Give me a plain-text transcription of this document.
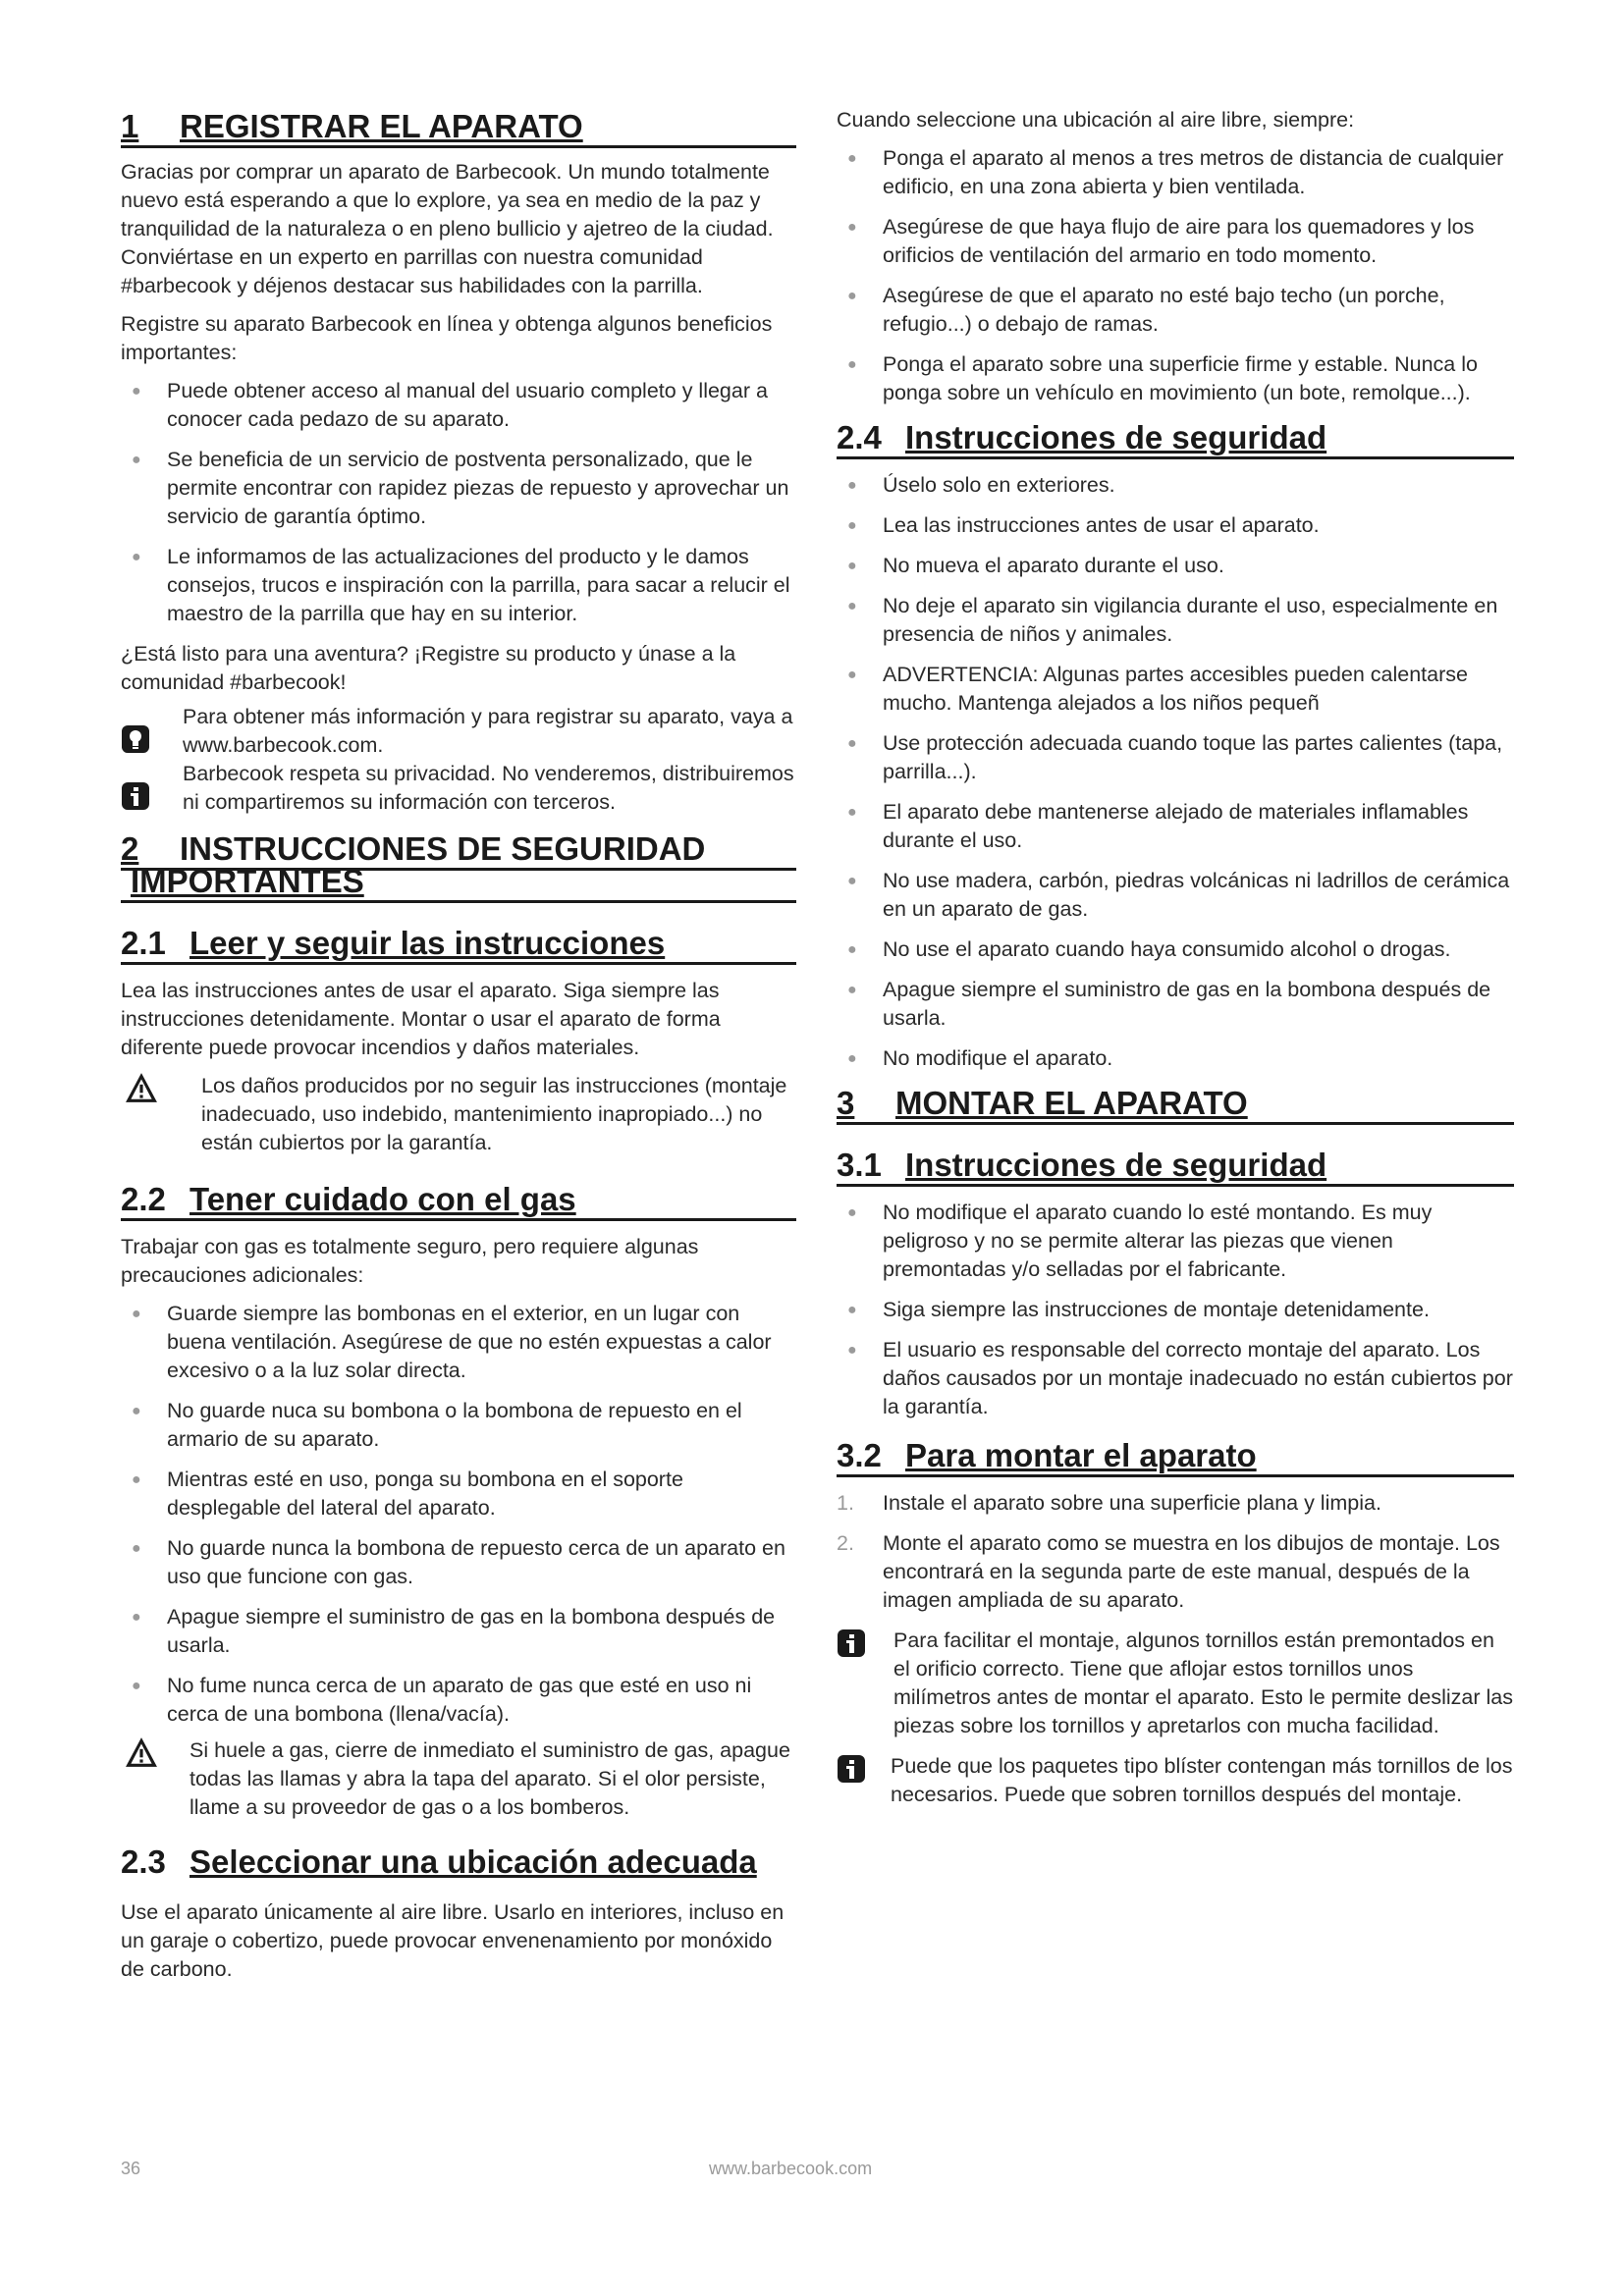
1	REGISTRAR EL APARATO

Gracias por comprar un aparato de Barbecook. Un mundo totalmente nuevo está esperando a que lo explore, ya sea en medio de la paz y tranquilidad de la naturaleza o en pleno bullicio y ajetreo de la ciudad. Conviértase en un experto en parrillas con nuestra comunidad #barbecook y déjenos destacar sus habilidades con la parrilla.

Registre su aparato Barbecook en línea y obtenga algunos beneficios importantes:

● Puede obtener acceso al manual del usuario completo y llegar a conocer cada pedazo de su aparato.
● Se beneficia de un servicio de postventa personalizado, que le permite encontrar con rapidez piezas de repuesto y aprovechar un servicio de garantía óptimo.
● Le informamos de las actualizaciones del producto y le damos consejos, trucos e inspiración con la parrilla, para sacar a relucir el maestro de la parrilla que hay en su interior.

¿Está listo para una aventura? ¡Registre su producto y únase a la comunidad #barbecook!

Para obtener más información y para registrar su aparato, vaya a www.barbecook.com.
Barbecook respeta su privacidad. No venderemos, distribuiremos ni compartiremos su información con terceros.
2	INSTRUCCIONES DE SEGURIDAD
IMPORTANTES
2.1 Leer y seguir las instrucciones

Lea las instrucciones antes de usar el aparato. Siga siempre las instrucciones detenidamente. Montar o usar el aparato de forma diferente puede provocar incendios y daños materiales.

Los daños producidos por no seguir las instrucciones (montaje inadecuado, uso indebido, mantenimiento inapropiado...) no están cubiertos por la garantía.
2.2 Tener cuidado con el gas

Trabajar con gas es totalmente seguro, pero requiere algunas precauciones adicionales:

● Guarde siempre las bombonas en el exterior, en un lugar con buena ventilación. Asegúrese de que no estén expuestas a calor excesivo o a la luz solar directa.
● No guarde nuca su bombona o la bombona de repuesto en el armario de su aparato.
● Mientras esté en uso, ponga su bombona en el soporte desplegable del lateral del aparato.
● No guarde nunca la bombona de repuesto cerca de un aparato en uso que funcione con gas.
● Apague siempre el suministro de gas en la bombona después de usarla.
● No fume nunca cerca de un aparato de gas que esté en uso ni cerca de una bombona (llena/vacía).
Si huele a gas, cierre de inmediato el suministro de gas, apague todas las llamas y abra la tapa del aparato. Si el olor persiste, llame a su proveedor de gas o a los bomberos.
2.3 Seleccionar una ubicación adecuada

Use el aparato únicamente al aire libre. Usarlo en interiores, incluso en un garaje o cobertizo, puede provocar envenenamiento por monóxido de carbono.

Cuando seleccione una ubicación al aire libre, siempre:

● Ponga el aparato al menos a tres metros de distancia de cualquier edificio, en una zona abierta y bien ventilada.
● Asegúrese de que haya flujo de aire para los quemadores y los orificios de ventilación del armario en todo momento.
● Asegúrese de que el aparato no esté bajo techo (un porche, refugio...) o debajo de ramas.
● Ponga el aparato sobre una superficie firme y estable. Nunca lo ponga sobre un vehículo en movimiento (un bote, remolque...).
2.4 Instrucciones de seguridad
● Úselo solo en exteriores.
● Lea las instrucciones antes de usar el aparato.
● No mueva el aparato durante el uso.
● No deje el aparato sin vigilancia durante el uso, especialmente en presencia de niños y animales.
● ADVERTENCIA: Algunas partes accesibles pueden calentarse mucho. Mantenga alejados a los niños pequeñ
● Use protección adecuada cuando toque las partes calientes (tapa, parrilla...).
● El aparato debe mantenerse alejado de materiales inflamables durante el uso.
● No use madera, carbón, piedras volcánicas ni ladrillos de cerámica en un aparato de gas.
● No use el aparato cuando haya consumido alcohol o drogas.
● Apague siempre el suministro de gas en la bombona después de usarla.
● No modifique el aparato.
3	MONTAR EL APARATO
3.1 Instrucciones de seguridad
● No modifique el aparato cuando lo esté montando. Es muy peligroso y no se permite alterar las piezas que vienen premontadas y/o selladas por el fabricante.
● Siga siempre las instrucciones de montaje detenidamente.
● El usuario es responsable del correcto montaje del aparato. Los daños causados por un montaje inadecuado no están cubiertos por la garantía.
3.2 Para montar el aparato
1. Instale el aparato sobre una superficie plana y limpia.
2. Monte el aparato como se muestra en los dibujos de montaje. Los encontrará en la segunda parte de este manual, después de la imagen ampliada de su aparato.
Para facilitar el montaje, algunos tornillos están premontados en el orificio correcto. Tiene que aflojar estos tornillos unos milímetros antes de montar el aparato. Esto le permite deslizar las piezas sobre los tornillos y apretarlos con mucha facilidad.
Puede que los paquetes tipo blíster contengan más tornillos de los necesarios. Puede que sobren tornillos después del montaje.
36	www.barbecook.com
